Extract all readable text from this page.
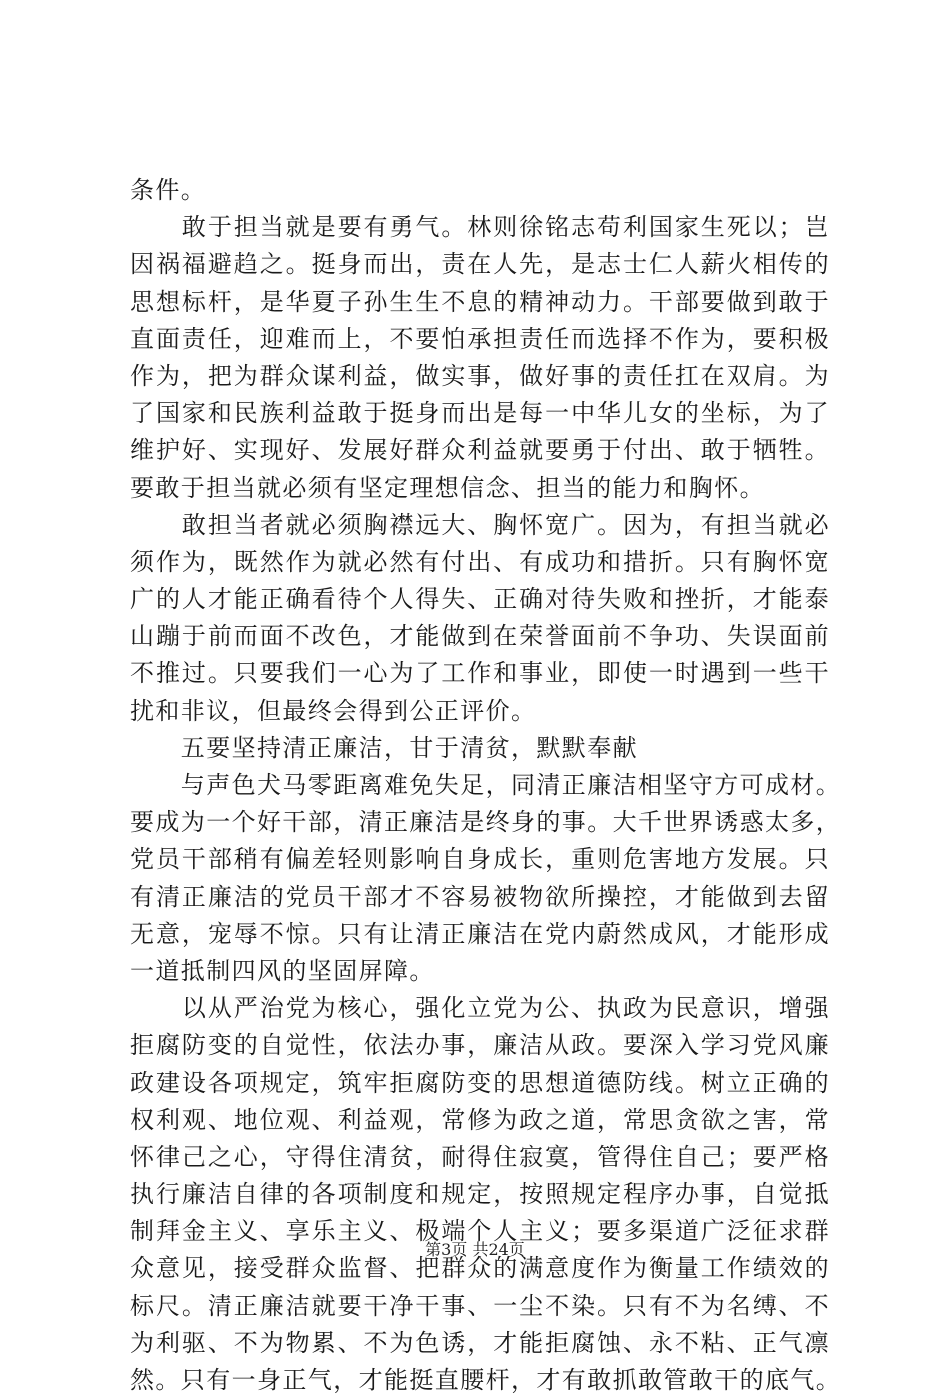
条件。
　　敢于担当就是要有勇气。林则徐铭志苟利国家生死以；岂
因祸福避趋之。挺身而出，责在人先，是志士仁人薪火相传的
思想标杆，是华夏子孙生生不息的精神动力。干部要做到敢于
直面责任，迎难而上，不要怕承担责任而选择不作为，要积极
作为，把为群众谋利益，做实事，做好事的责任扛在双肩。为
了国家和民族利益敢于挺身而出是每一中华儿女的坐标，为了
维护好、实现好、发展好群众利益就要勇于付出、敢于牺牲。
要敢于担当就必须有坚定理想信念、担当的能力和胸怀。
　　敢担当者就必须胸襟远大、胸怀宽广。因为，有担当就必
须作为，既然作为就必然有付出、有成功和措折。只有胸怀宽
广的人才能正确看待个人得失、正确对待失败和挫折，才能泰
山蹦于前而面不改色，才能做到在荣誉面前不争功、失误面前
不推过。只要我们一心为了工作和事业，即使一时遇到一些干
扰和非议，但最终会得到公正评价。
　　五要坚持清正廉洁，甘于清贫，默默奉献
　　与声色犬马零距离难免失足，同清正廉洁相坚守方可成材。
要成为一个好干部，清正廉洁是终身的事。大千世界诱惑太多，
党员干部稍有偏差轻则影响自身成长，重则危害地方发展。只
有清正廉洁的党员干部才不容易被物欲所操控，才能做到去留
无意，宠辱不惊。只有让清正廉洁在党内蔚然成风，才能形成
一道抵制四风的坚固屏障。
　　以从严治党为核心，强化立党为公、执政为民意识，增强
拒腐防变的自觉性，依法办事，廉洁从政。要深入学习党风廉
政建设各项规定，筑牢拒腐防变的思想道德防线。树立正确的
权利观、地位观、利益观，常修为政之道，常思贪欲之害，常
怀律己之心，守得住清贫，耐得住寂寞，管得住自己；要严格
执行廉洁自律的各项制度和规定，按照规定程序办事，自觉抵
制拜金主义、享乐主义、极端个人主义；要多渠道广泛征求群
众意见，接受群众监督、把群众的满意度作为衡量工作绩效的
标尺。清正廉洁就要干净干事、一尘不染。只有不为名缚、不
为利驱、不为物累、不为色诱，才能拒腐蚀、永不粘、正气凛
然。只有一身正气，才能挺直腰杆，才有敢抓敢管敢干的底气。
第3页 共24页
